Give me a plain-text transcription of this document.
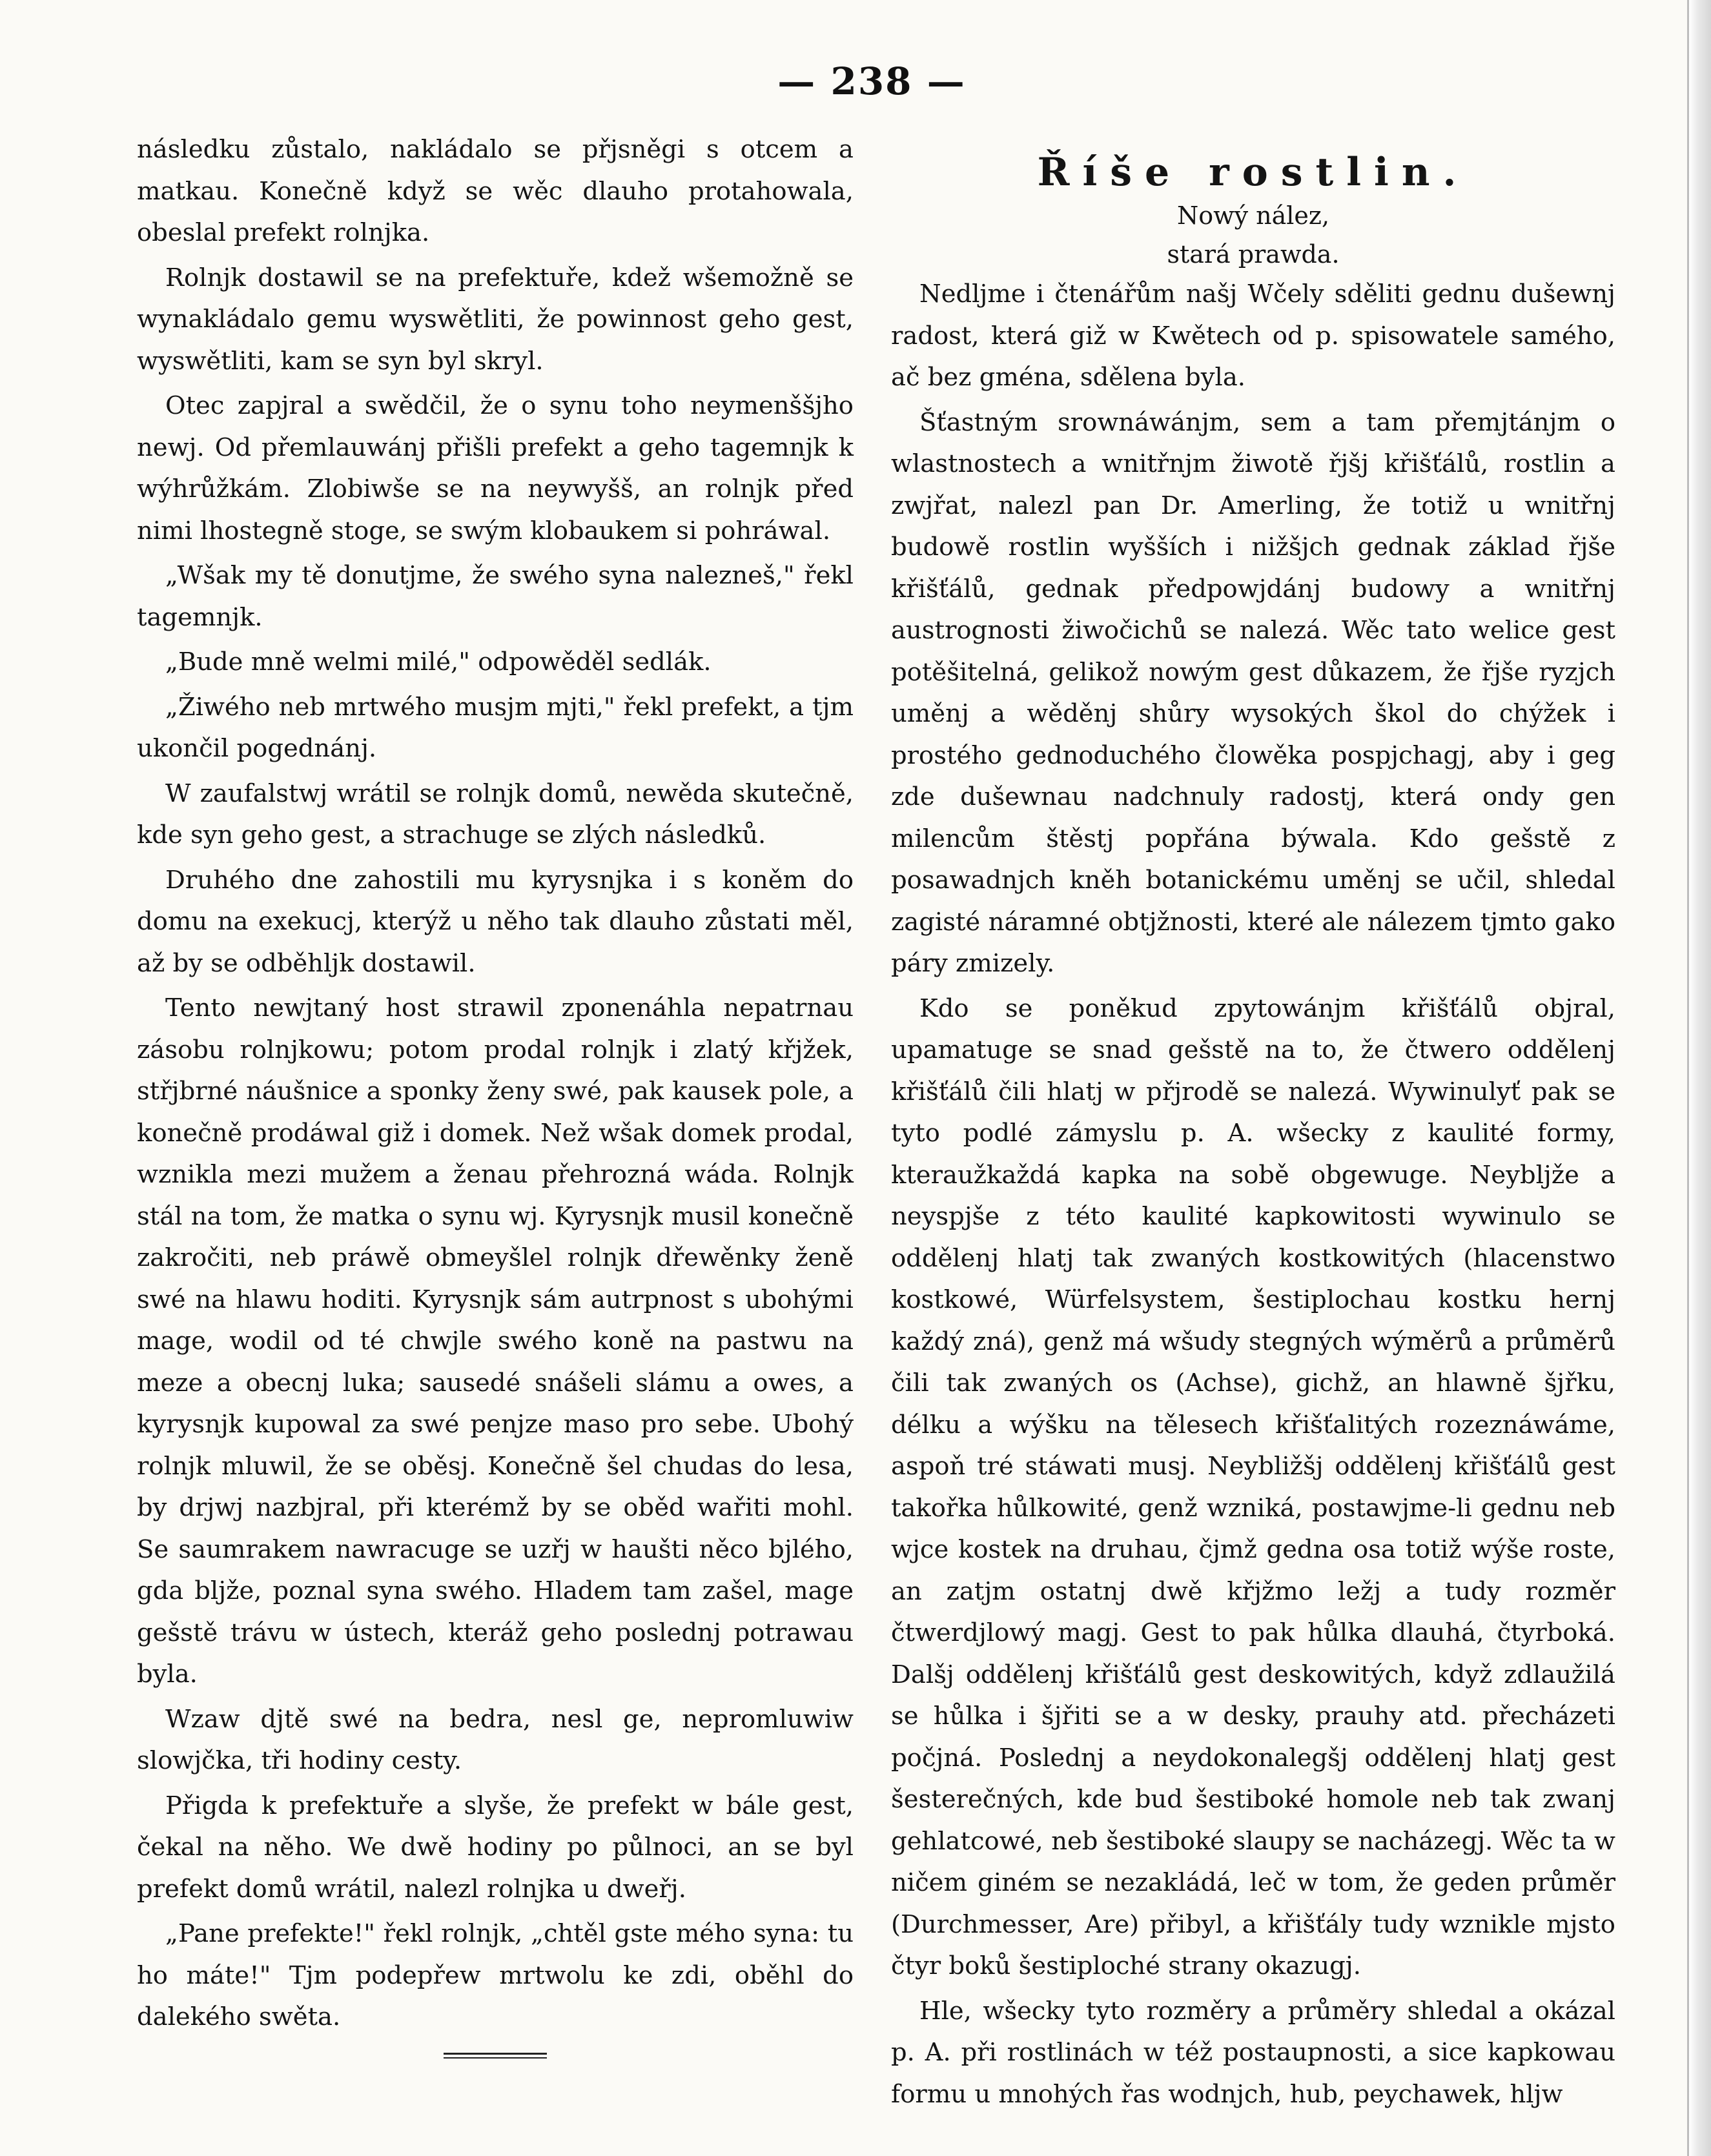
— 238 —

následku zůstalo, nakládalo se přjsněgi s otcem a matkau. Konečně když se wěc dlauho protahowala, obeslal prefekt rolnjka.

Rolnjk dostawil se na prefektuře, kdež wšemožně se wynakládalo gemu wyswětliti, že powinnost geho gest, wyswětliti, kam se syn byl skryl.

Otec zapjral a swědčil, že o synu toho neymenššjho newj. Od přemlauwánj přišli prefekt a geho tagemnjk k wýhrůžkám. Zlobiwše se na neywyšš, an rolnjk před nimi lhostegně stoge, se swým klobaukem si pohráwal.

„Wšak my tě donutjme, že swého syna nalezneš," řekl tagemnjk.

„Bude mně welmi milé," odpowěděl sedlák.

„Žiwého neb mrtwého musjm mjti," řekl prefekt, a tjm ukončil pogednánj.

W zaufalstwj wrátil se rolnjk domů, newěda skutečně, kde syn geho gest, a strachuge se zlých následků.

Druhého dne zahostili mu kyrysnjka i s koněm do domu na exekucj, kterýž u něho tak dlauho zůstati měl, až by se odběhljk dostawil.

Tento newjtaný host strawil zponenáhla nepatrnau zásobu rolnjkowu; potom prodal rolnjk i zlatý křjžek, střjbrné náušnice a sponky ženy swé, pak kausek pole, a konečně prodáwal giž i domek. Než wšak domek prodal, wznikla mezi mužem a ženau přehrozná wáda. Rolnjk stál na tom, že matka o synu wj. Kyrysnjk musil konečně zakročiti, neb práwě obmeyšlel rolnjk dřewěnky ženě swé na hlawu hoditi. Kyrysnjk sám autrpnost s ubohými mage, wodil od té chwjle swého koně na pastwu na meze a obecnj luka; sausedé snášeli slámu a owes, a kyrysnjk kupowal za swé penjze maso pro sebe. Ubohý rolnjk mluwil, že se oběsj. Konečně šel chudas do lesa, by drjwj nazbjral, při kterémž by se oběd wařiti mohl. Se saumrakem nawracuge se uzřj w haušti něco bjlého, gda bljže, poznal syna swého. Hladem tam zašel, mage gešstě trávu w ústech, kteráž geho poslednj potrawau byla.

Wzaw djtě swé na bedra, nesl ge, nepromluwiw slowjčka, tři hodiny cesty.

Přigda k prefektuře a slyše, že prefekt w bále gest, čekal na něho. We dwě hodiny po půlnoci, an se byl prefekt domů wrátil, nalezl rolnjka u dweřj.

„Pane prefekte!" řekl rolnjk, „chtěl gste mého syna: tu ho máte!" Tjm podepřew mrtwolu ke zdi, oběhl do dalekého swěta.

Říše rostlin.
Nowý nález,
stará prawda.

Nedljme i čtenářům našj Wčely sděliti gednu dušewnj radost, která giž w Kwětech od p. spisowatele samého, ač bez gména, sdělena byla.

Šťastným srownáwánjm, sem a tam přemjtánjm o wlastnostech a wnitřnjm žiwotě řjšj křišťálů, rostlin a zwjřat, nalezl pan Dr. Amerling, že totiž u wnitřnj budowě rostlin wyšších i nižšjch gednak základ řjše křišťálů, gednak předpowjdánj budowy a wnitřnj austrognosti žiwočichů se nalezá. Wěc tato welice gest potěšitelná, gelikož nowým gest důkazem, že řjše ryzjch uměnj a wěděnj shůry wysokých škol do chýžek i prostého gednoduchého člowěka pospjchagj, aby i geg zde dušewnau nadchnuly radostj, která ondy gen milencům štěstj popřána býwala. Kdo gešstě z posawadnjch kněh botanickému uměnj se učil, shledal zagisté náramné obtjžnosti, které ale nálezem tjmto gako páry zmizely.

Kdo se poněkud zpytowánjm křišťálů objral, upamatuge se snad gešstě na to, že čtwero oddělenj křišťálů čili hlatj w přjrodě se nalezá. Wywinulyť pak se tyto podlé zámyslu p. A. wšecky z kaulité formy, kteraužkaždá kapka na sobě obgewuge. Neybljže a neyspjše z této kaulité kapkowitosti wywinulo se oddělenj hlatj tak zwaných kostkowitých (hlacenstwo kostkowé, Würfelsystem, šestiplochau kostku hernj každý zná), genž má wšudy stegných wýměrů a průměrů čili tak zwaných os (Achse), gichž, an hlawně šjřku, délku a wýšku na tělesech křišťalitých rozeznáwáme, aspoň tré stáwati musj. Neybližšj oddělenj křišťálů gest takořka hůlkowité, genž wzniká, postawjme-li gednu neb wjce kostek na druhau, čjmž gedna osa totiž wýše roste, an zatjm ostatnj dwě křjžmo ležj a tudy rozměr čtwerdjlowý magj. Gest to pak hůlka dlauhá, čtyrboká. Dalšj oddělenj křišťálů gest deskowitých, když zdlaužilá se hůlka i šjřiti se a w desky, prauhy atd. přecházeti počjná. Poslednj a neydokonalegšj oddělenj hlatj gest šesterečných, kde bud šestiboké homole neb tak zwanj gehlatcowé, neb šestiboké slaupy se nacházegj. Wěc ta w ničem giném se nezakládá, leč w tom, že geden průměr (Durchmesser, Are) přibyl, a křišťály tudy wznikle mjsto čtyr boků šestiploché strany okazugj.

Hle, wšecky tyto rozměry a průměry shledal a okázal p. A. při rostlinách w též postaupnosti, a sice kapkowau formu u mnohých řas wodnjch, hub, peychawek, hljw
